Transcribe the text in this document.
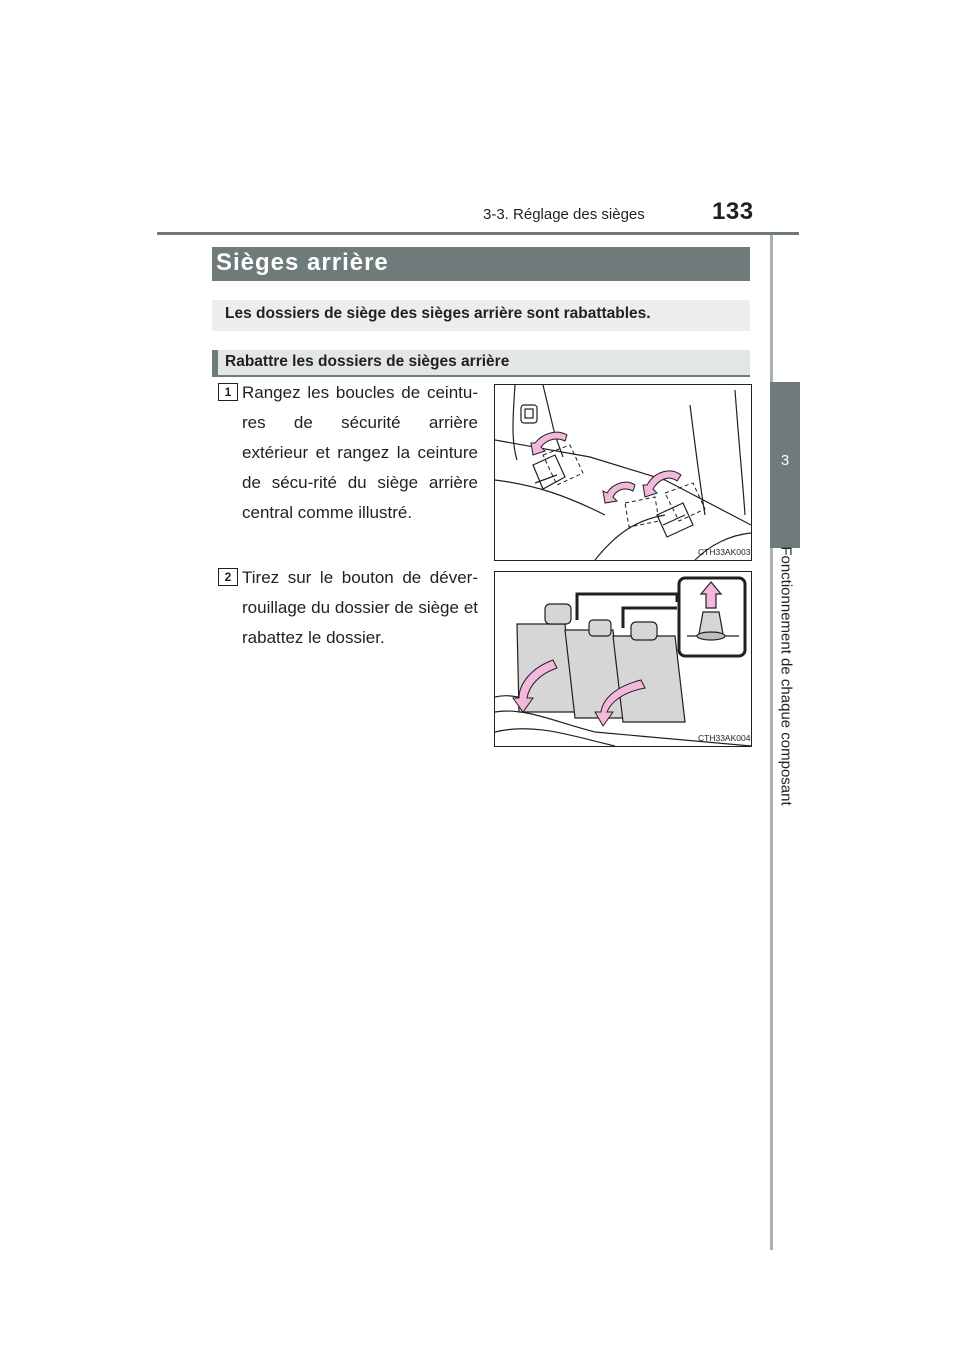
3-3. Réglage des sièges	133
3
Fonctionnement de chaque composant
Sièges arrière
Les dossiers de siège des sièges arrière sont rabattables.
Rabattre les dossiers de sièges arrière
1 Rangez les boucles de ceintu-res de sécurité arrière extérieur et rangez la ceinture de sécu-rité du siège arrière central comme illustré.
CTH33AK003
2 Tirez sur le bouton de déver-rouillage du dossier de siège et rabattez le dossier.
CTH33AK004
